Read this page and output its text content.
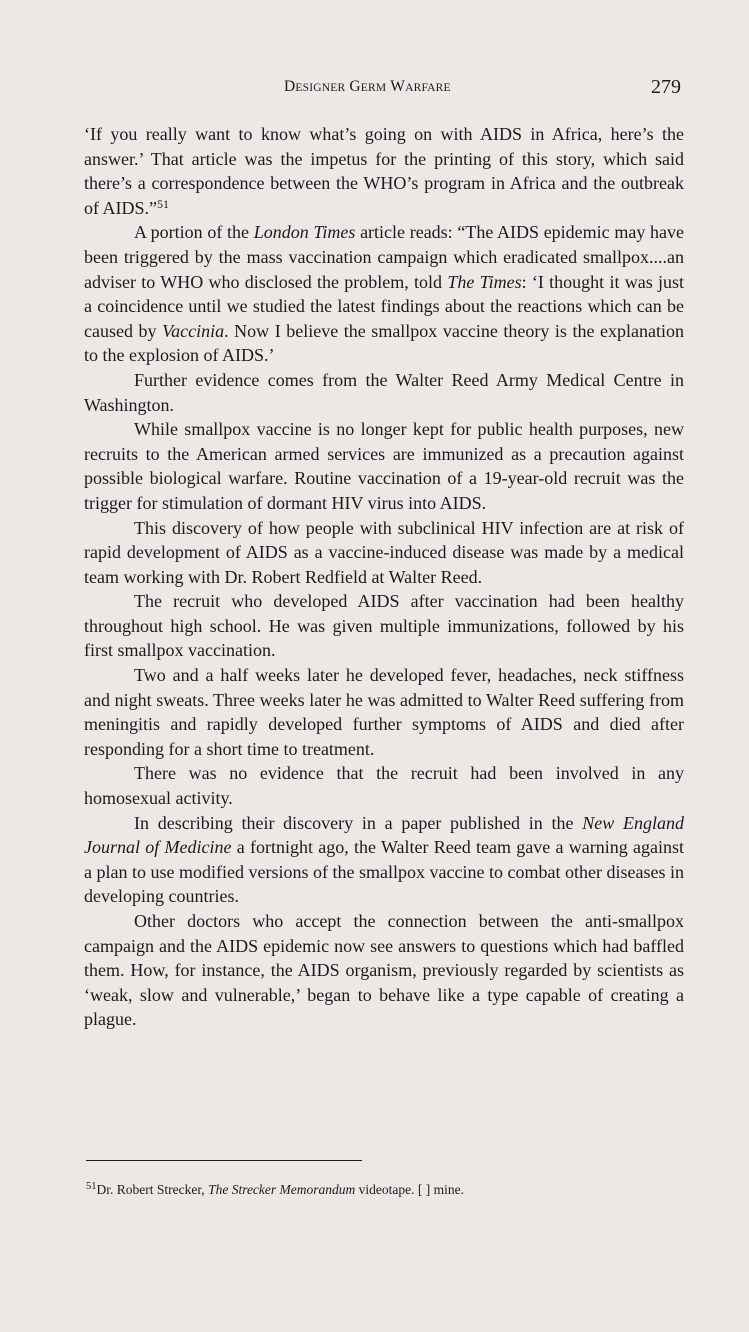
DESIGNER GERM WARFARE	279

‘If you really want to know what’s going on with AIDS in Africa, here’s the answer.’ That article was the impetus for the printing of this story, which said there’s a correspondence between the WHO’s program in Africa and the outbreak of AIDS.”$^{51}$

A portion of the London Times article reads: “The AIDS epidemic may have been triggered by the mass vaccination campaign which eradicated smallpox....an adviser to WHO who disclosed the problem, told The Times: ‘I thought it was just a coincidence until we studied the latest findings about the reactions which can be caused by Vaccinia. Now I believe the smallpox vaccine theory is the explanation to the explosion of AIDS.’

Further evidence comes from the Walter Reed Army Medical Centre in Washington.

While smallpox vaccine is no longer kept for public health purposes, new recruits to the American armed services are immunized as a precaution against possible biological warfare. Routine vaccination of a 19-year-old recruit was the trigger for stimulation of dormant HIV virus into AIDS.

This discovery of how people with subclinical HIV infection are at risk of rapid development of AIDS as a vaccine-induced disease was made by a medical team working with Dr. Robert Redfield at Walter Reed.

The recruit who developed AIDS after vaccination had been healthy throughout high school. He was given multiple immunizations, followed by his first smallpox vaccination.

Two and a half weeks later he developed fever, headaches, neck stiffness and night sweats. Three weeks later he was admitted to Walter Reed suffering from meningitis and rapidly developed further symptoms of AIDS and died after responding for a short time to treatment.

There was no evidence that the recruit had been involved in any homosexual activity.

In describing their discovery in a paper published in the New England Journal of Medicine a fortnight ago, the Walter Reed team gave a warning against a plan to use modified versions of the smallpox vaccine to combat other diseases in developing countries.

Other doctors who accept the connection between the anti-smallpox campaign and the AIDS epidemic now see answers to questions which had baffled them. How, for instance, the AIDS organism, previously regarded by scientists as ‘weak, slow and vulnerable,’ began to behave like a type capable of creating a plague.

$^{51}$Dr. Robert Strecker, The Strecker Memorandum videotape. [ ] mine.
